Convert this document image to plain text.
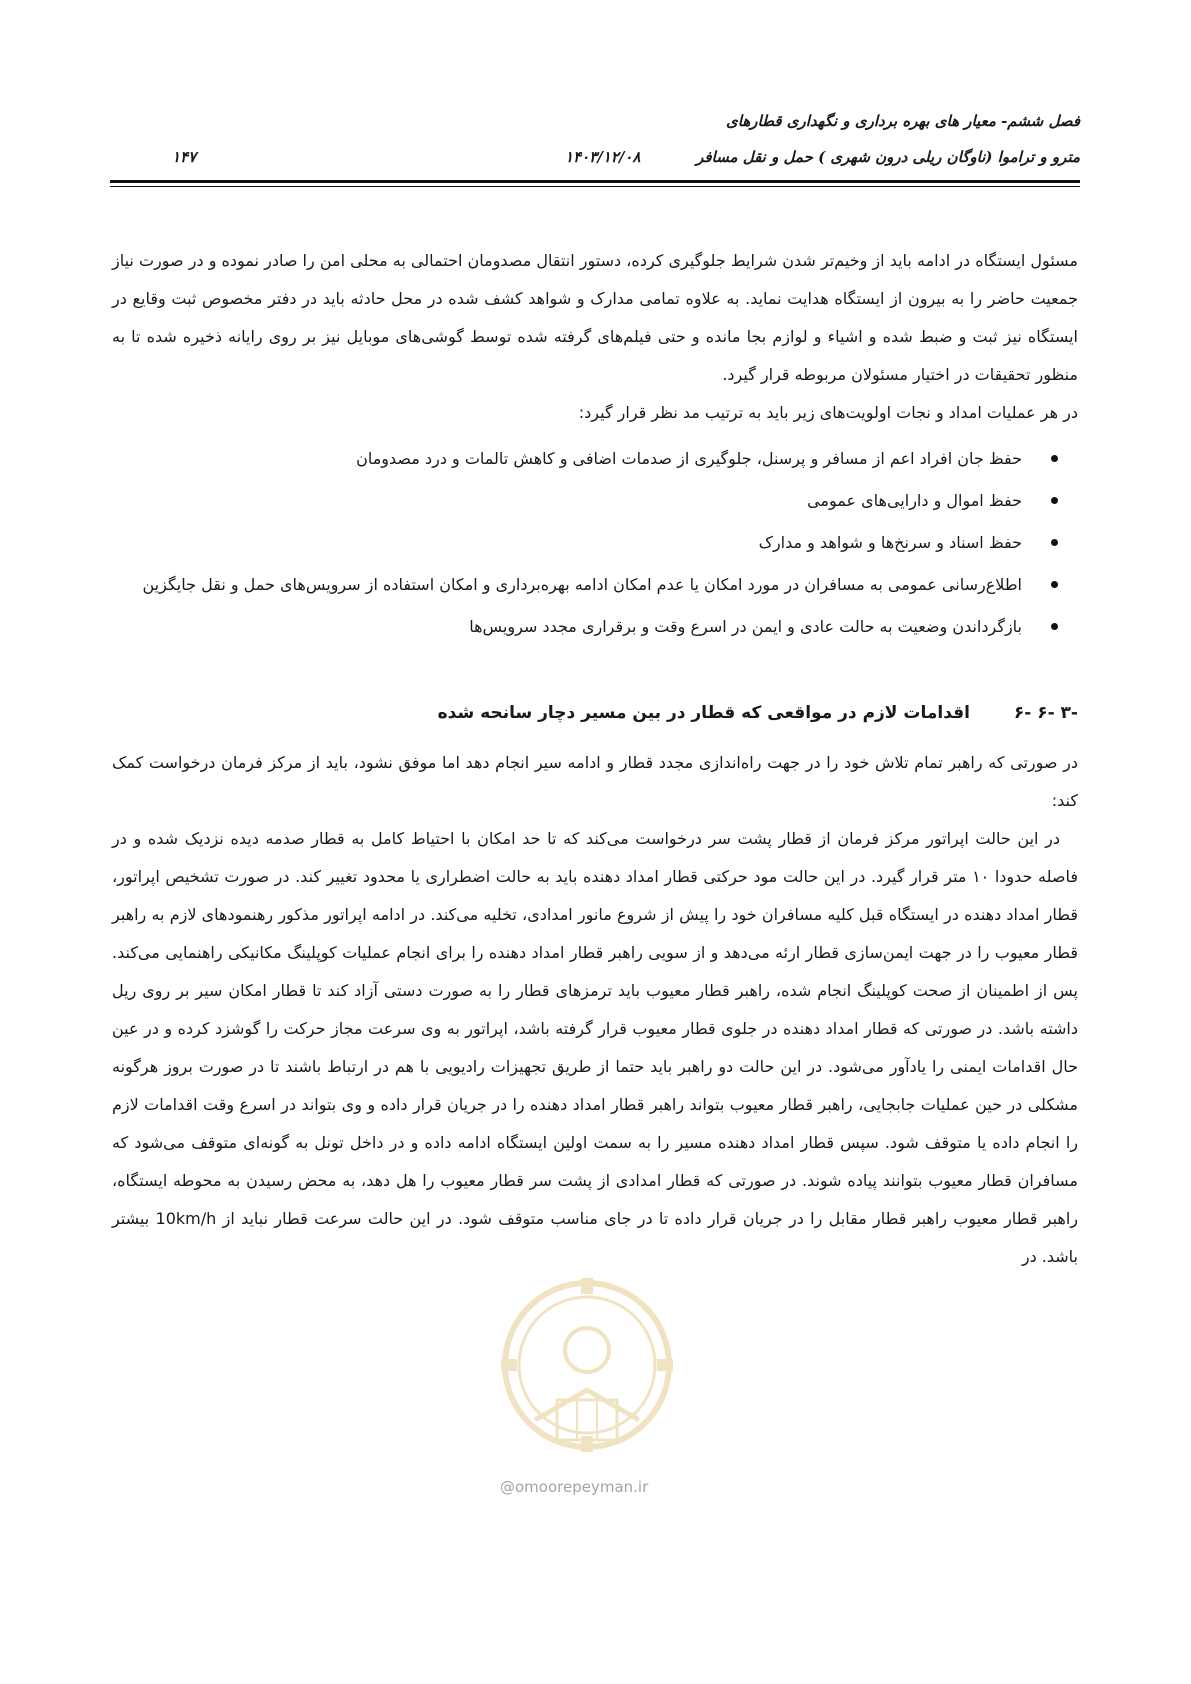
فصل ششم- معیار های بهره برداری و نگهداری قطارهای
مترو و تراموا (ناوگان ریلی درون شهری ) حمل و نقل مسافر
۱۴۰۳/۱۲/۰۸
۱۴۷

مسئول ایستگاه در ادامه باید از وخیم‌تر شدن شرایط جلوگیری کرده، دستور انتقال مصدومان احتمالی به محلی امن را صادر نموده و در صورت نیاز جمعیت حاضر را به بیرون از ایستگاه هدایت نماید. به علاوه تمامی مدارک و شواهد کشف شده در محل حادثه باید در دفتر مخصوص ثبت وقایع در ایستگاه نیز ثبت و ضبط شده و اشیاء و لوازم بجا مانده و حتی فیلم‌های گرفته شده توسط گوشی‌های موبایل نیز بر روی رایانه ذخیره شده تا به منظور تحقیقات در اختیار مسئولان مربوطه قرار گیرد.

در هر عملیات امداد و نجات اولویت‌های زیر باید به ترتیب مد نظر قرار گیرد:

حفظ جان افراد اعم از مسافر و پرسنل، جلوگیری از صدمات اضافی و کاهش تالمات و درد مصدومان
حفظ اموال و دارایی‌های عمومی
حفظ اسناد و سرنخ‌ها و شواهد و مدارک
اطلاع‌رسانی عمومی به مسافران در مورد امکان یا عدم امکان ادامه بهره‌برداری و امکان استفاده از سرویس‌های حمل و نقل جایگزین
بازگرداندن وضعیت به حالت عادی و ایمن در اسرع وقت و برقراری مجدد سرویس‌ها
۶- ۶- ۳-
اقدامات لازم در مواقعی که قطار در بین مسیر دچار سانحه شده

در صورتی که راهبر تمام تلاش خود را در جهت راه‌اندازی مجدد قطار و ادامه سیر انجام دهد اما موفق نشود، باید از مرکز فرمان درخواست کمک کند:

در این حالت اپراتور مرکز فرمان از قطار پشت سر درخواست می‌کند که تا حد امکان با احتیاط کامل به قطار صدمه دیده نزدیک شده و در فاصله حدودا ۱۰ متر قرار گیرد. در این حالت مود حرکتی قطار امداد دهنده باید به حالت اضطراری یا محدود تغییر کند. در صورت تشخیص اپراتور، قطار امداد دهنده در ایستگاه قبل کلیه مسافران خود را پیش از شروع مانور امدادی، تخلیه می‌کند. در ادامه اپراتور مذکور رهنمودهای لازم به راهبر قطار معیوب را در جهت ایمن‌سازی قطار ارئه می‌دهد و از سویی راهبر قطار امداد دهنده را برای انجام عملیات کوپلینگ مکانیکی راهنمایی می‌کند. پس از اطمینان از صحت کوپلینگ انجام شده، راهبر قطار معیوب باید ترمزهای قطار را به صورت دستی آزاد کند تا قطار امکان سیر بر روی ریل داشته باشد. در صورتی که قطار امداد دهنده در جلوی قطار معیوب قرار گرفته باشد، اپراتور به وی سرعت مجاز حرکت را گوشزد کرده و در عین حال اقدامات ایمنی را یادآور می‌شود. در این حالت دو راهبر باید حتما از طریق تجهیزات رادیویی با هم در ارتباط باشند تا در صورت بروز هرگونه مشکلی در حین عملیات جابجایی، راهبر قطار معیوب بتواند راهبر قطار امداد دهنده را در جریان قرار داده و وی بتواند در اسرع وقت اقدامات لازم را انجام داده یا متوقف شود. سپس قطار امداد دهنده مسیر را به سمت اولین ایستگاه ادامه داده و در داخل تونل به گونه‌ای متوقف می‌شود که مسافران قطار معیوب بتوانند پیاده شوند. در صورتی که قطار امدادی از پشت سر قطار معیوب را هل دهد، به محض رسیدن به محوطه ایستگاه، راهبر قطار معیوب راهبر قطار مقابل را در جریان قرار داده تا در جای مناسب متوقف شود. در این حالت سرعت قطار نباید از 10km/h بیشتر باشد. در

@omoorepeyman.ir
